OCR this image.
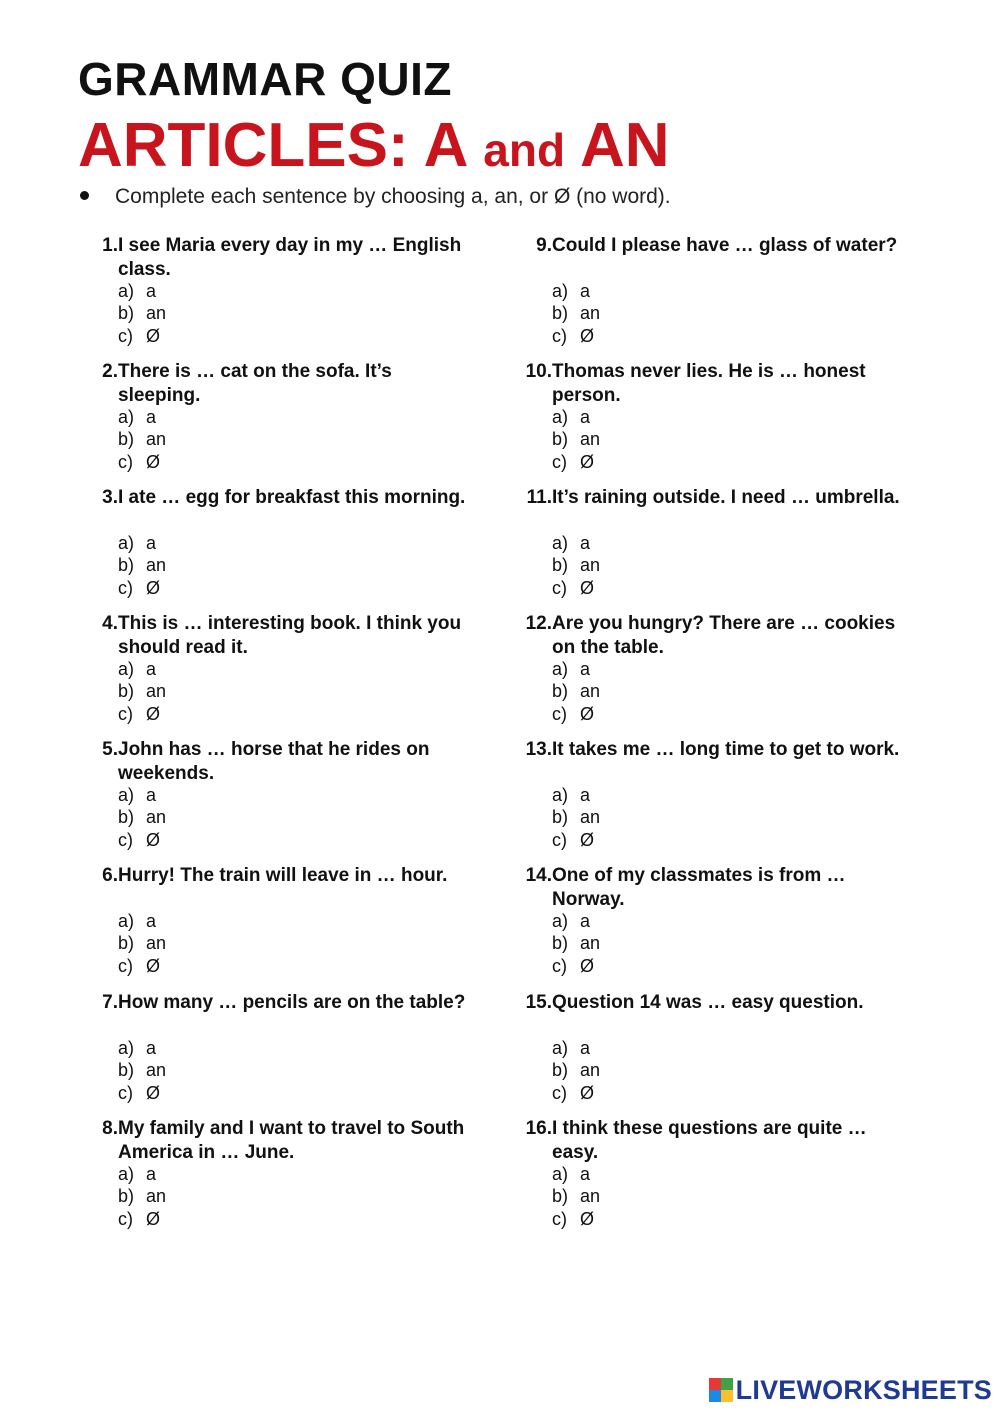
GRAMMAR QUIZ
ARTICLES: A and AN
Complete each sentence by choosing a, an, or Ø (no word).
1. I see Maria every day in my … English class.
a) a
b) an
c) Ø
2. There is … cat on the sofa. It’s sleeping.
a) a
b) an
c) Ø
3. I ate … egg for breakfast this morning.
a) a
b) an
c) Ø
4. This is … interesting book. I think you should read it.
a) a
b) an
c) Ø
5. John has … horse that he rides on weekends.
a) a
b) an
c) Ø
6. Hurry! The train will leave in … hour.
a) a
b) an
c) Ø
7. How many … pencils are on the table?
a) a
b) an
c) Ø
8. My family and I want to travel to South America in … June.
a) a
b) an
c) Ø
9. Could I please have … glass of water?
a) a
b) an
c) Ø
10. Thomas never lies. He is … honest person.
a) a
b) an
c) Ø
11. It’s raining outside. I need … umbrella.
a) a
b) an
c) Ø
12. Are you hungry? There are … cookies on the table.
a) a
b) an
c) Ø
13. It takes me … long time to get to work.
a) a
b) an
c) Ø
14. One of my classmates is from … Norway.
a) a
b) an
c) Ø
15. Question 14 was … easy question.
a) a
b) an
c) Ø
16. I think these questions are quite … easy.
a) a
b) an
c) Ø
LIVEWORKSHEETS
